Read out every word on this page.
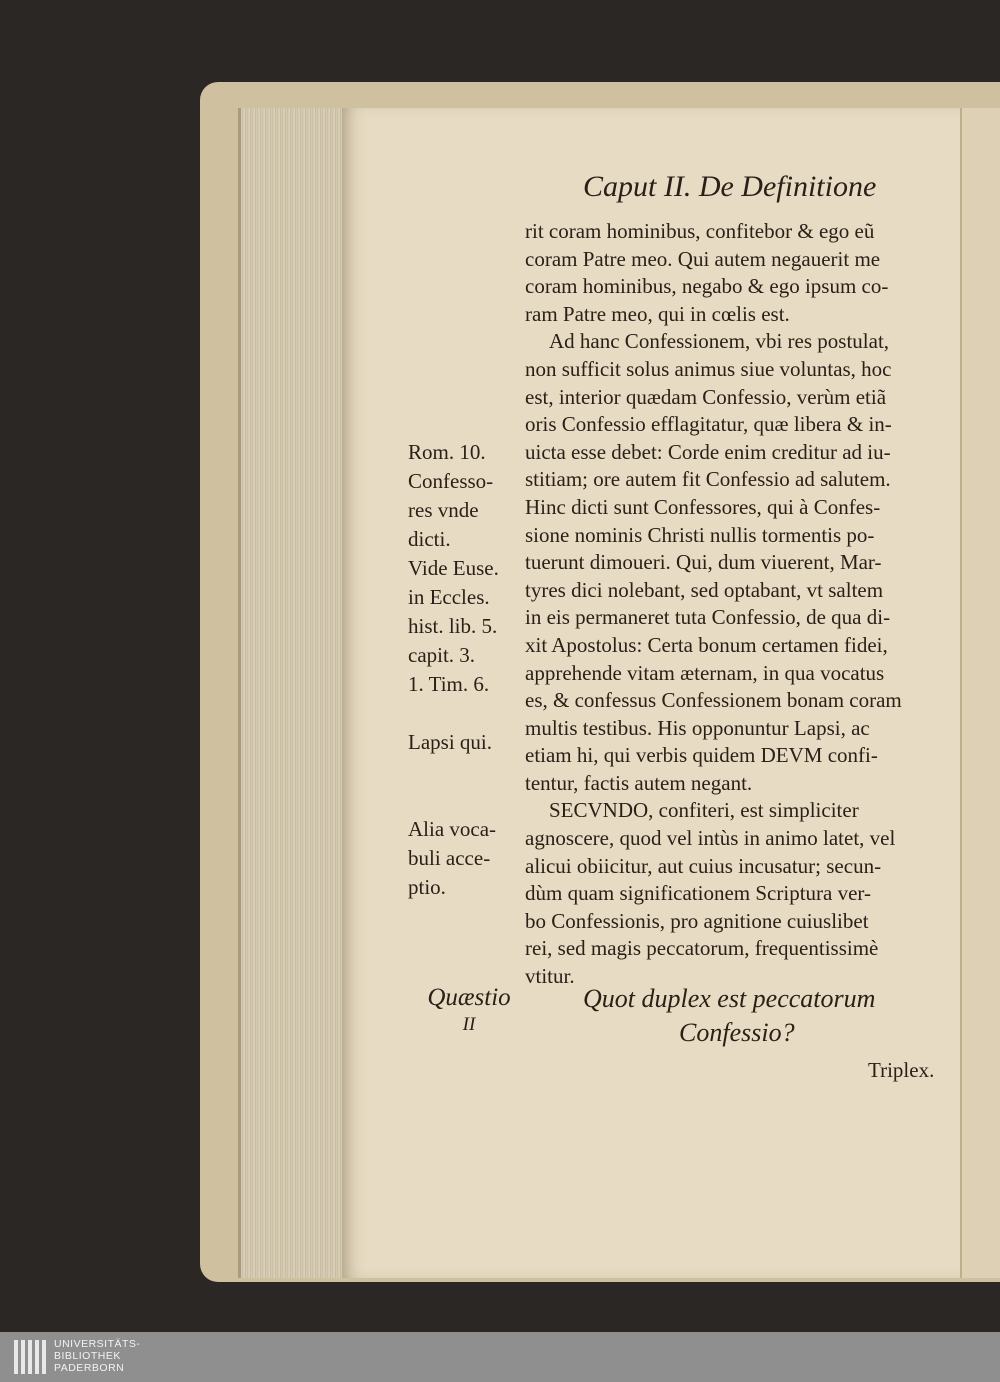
Caput II. De Definitione
rit coram hominibus, confitebor & ego eũ
coram Patre meo. Qui autem negauerit me
coram hominibus, negabo & ego ipsum co-
ram Patre meo, qui in cœlis est.
Ad hanc Confessionem, vbi res postulat,
non sufficit solus animus siue voluntas, hoc
est, interior quædam Confessio, verùm etiã
oris Confessio efflagitatur, quæ libera & in-
uicta esse debet: Corde enim creditur ad iu-
stitiam; ore autem fit Confessio ad salutem.
Hinc dicti sunt Confessores, qui à Confes-
sione nominis Christi nullis tormentis po-
tuerunt dimoueri. Qui, dum viuerent, Mar-
tyres dici nolebant, sed optabant, vt saltem
in eis permaneret tuta Confessio, de qua di-
xit Apostolus: Certa bonum certamen fidei,
apprehende vitam æternam, in qua vocatus
es, & confessus Confessionem bonam coram
multis testibus. His opponuntur Lapsi, ac
etiam hi, qui verbis quidem DEVM confi-
tentur, factis autem negant.
SECVNDO, confiteri, est simpliciter
agnoscere, quod vel intùs in animo latet, vel
alicui obiicitur, aut cuius incusatur; secun-
dùm quam significationem Scriptura ver-
bo Confessionis, pro agnitione cuiuslibet
rei, sed magis peccatorum, frequentissimè
vtitur.
Rom. 10.
Confesso-
res vnde
dicti.
Vide Euse.
in Eccles.
hist. lib. 5.
capit. 3.
1. Tim. 6.
Lapsi qui.
Alia voca-
buli acce-
ptio.
Quæstio
II
Quot duplex est peccatorum
Confessio?
Triplex.
UNIVERSITÄTS-
BIBLIOTHEK
PADERBORN
